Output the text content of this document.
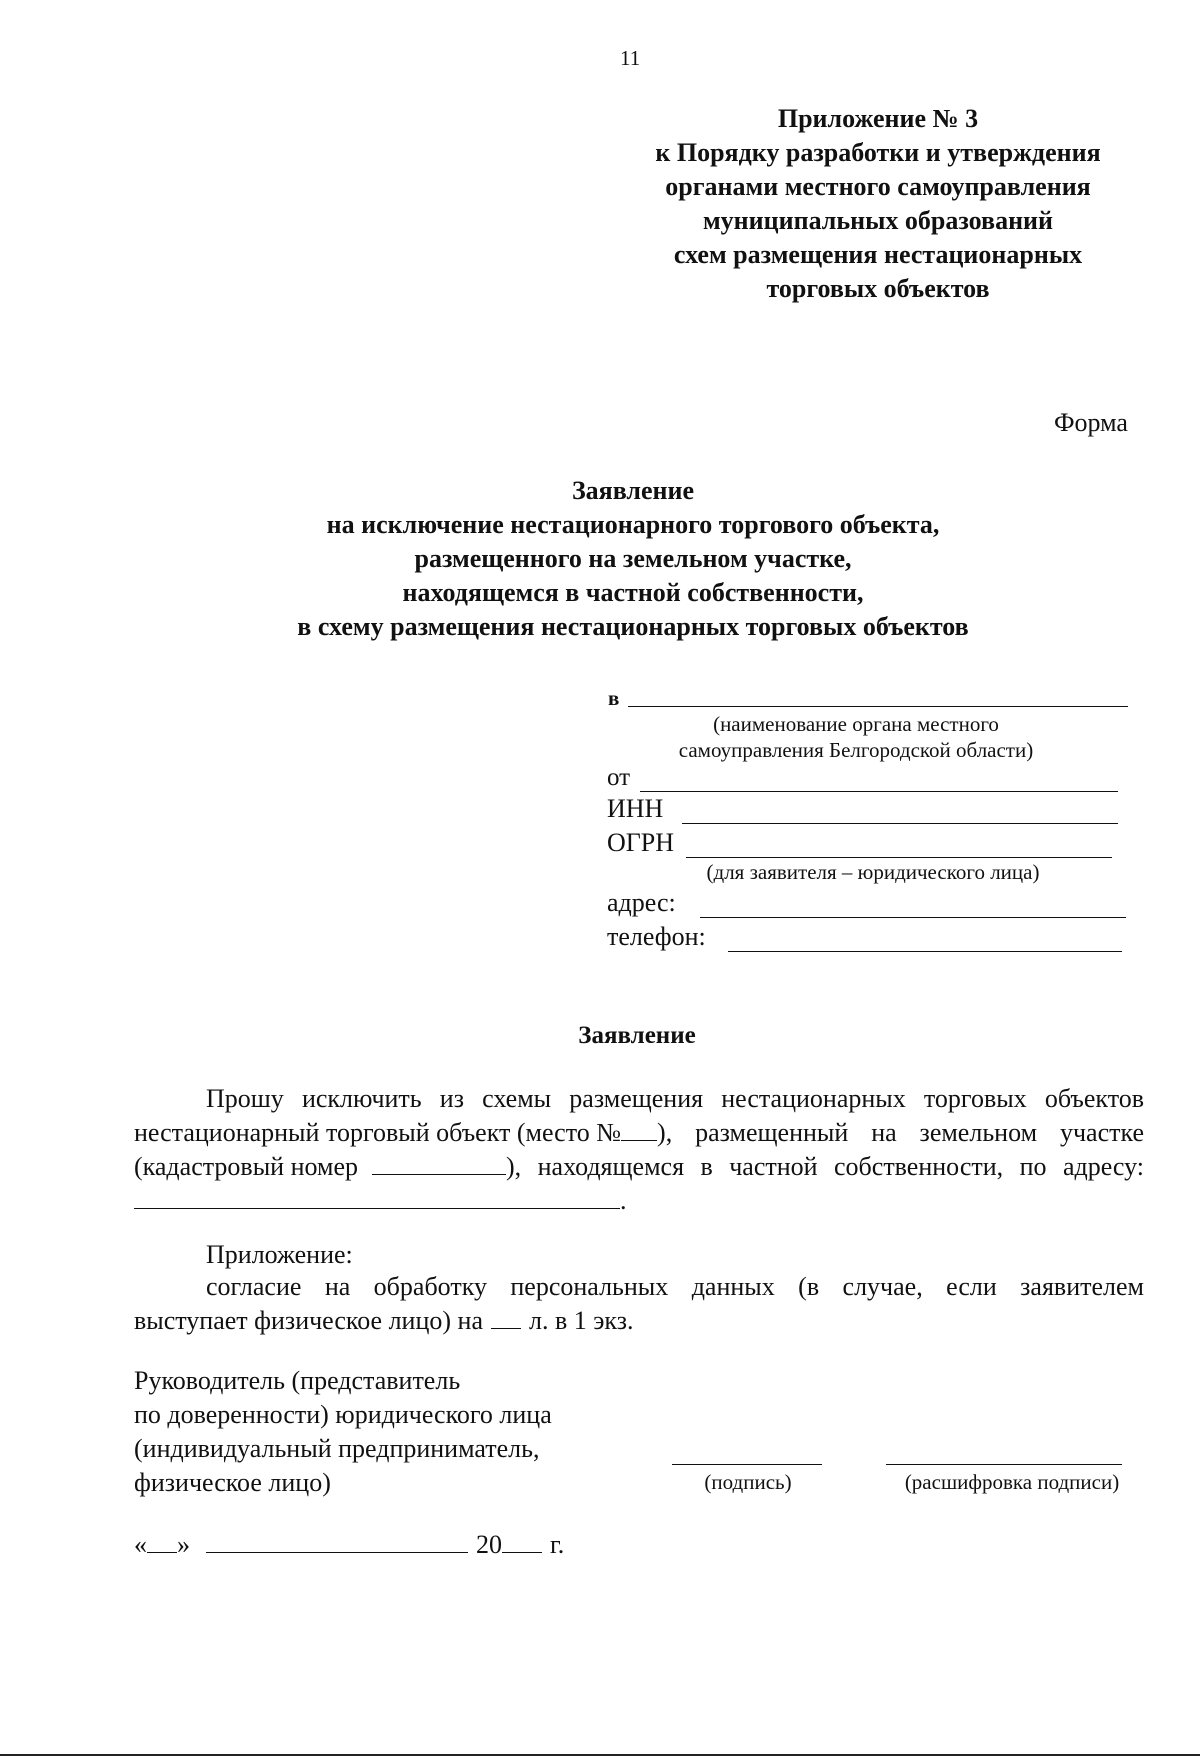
11
Приложение № 3
к Порядку разработки и утверждения
органами местного самоуправления
муниципальных образований
схем размещения нестационарных
торговых объектов
Форма
Заявление
на исключение нестационарного торгового объекта,
размещенного на земельном участке,
находящемся в частной собственности,
в схему размещения нестационарных торговых объектов
в
(наименование органа местного
самоуправления Белгородской области)
от
ИНН
ОГРН
(для заявителя – юридического лица)
адрес:
телефон:
Заявление
Прошу исключить из схемы размещения нестационарных торговых объектов
нестационарный торговый объект (место № ), размещенный на земельном участке
(кадастровый номер	), находящемся в частной собственности, по адресу:
.
Приложение:
согласие на обработку персональных данных (в случае, если заявителем
выступает физическое лицо) на л. в 1 экз.
Руководитель (представитель
по доверенности) юридического лица
(индивидуальный предприниматель,
физическое лицо)	(подпись)	(расшифровка подписи)
« »	20 г.
